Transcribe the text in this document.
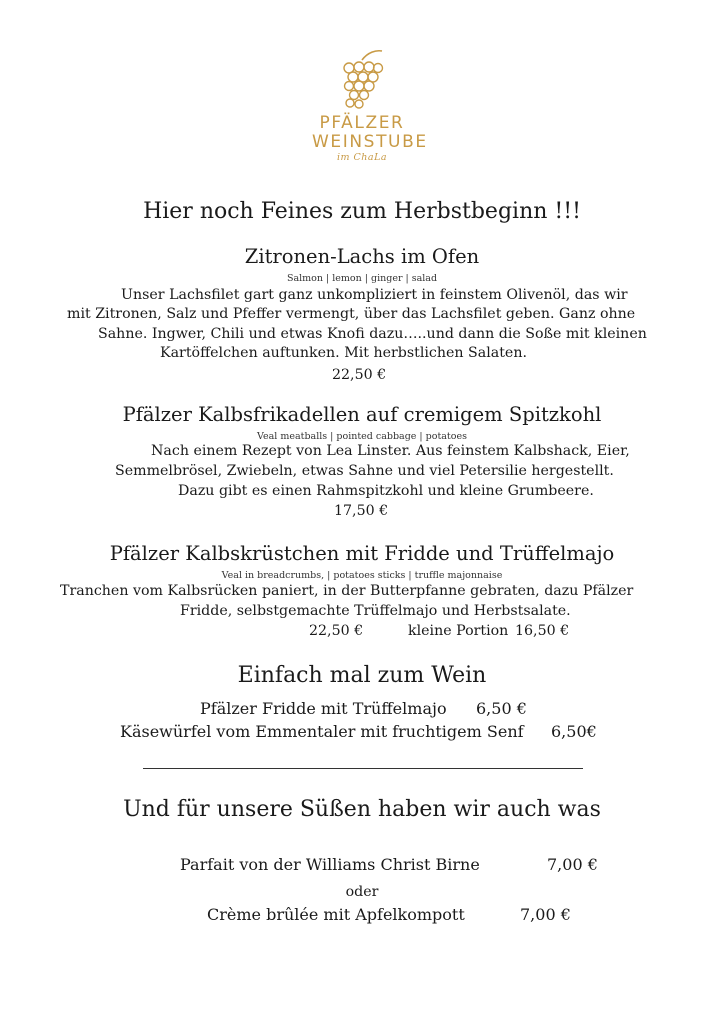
PFÄLZER
WEINSTUBE
im ChaLa
Hier noch Feines zum Herbstbeginn !!!
Zitronen-Lachs im Ofen
Salmon | lemon | ginger | salad
Unser Lachsfilet gart ganz unkompliziert in feinstem Olivenöl, das wir
mit Zitronen, Salz und Pfeffer vermengt, über das Lachsfilet geben. Ganz ohne
Sahne. Ingwer, Chili und etwas Knofi dazu…..und dann die Soße mit kleinen
Kartöffelchen auftunken. Mit herbstlichen Salaten.
22,50 €
Pfälzer Kalbsfrikadellen auf cremigem Spitzkohl
Veal meatballs | pointed cabbage | potatoes
Nach einem Rezept von Lea Linster. Aus feinstem Kalbshack, Eier,
Semmelbrösel, Zwiebeln, etwas Sahne und viel Petersilie hergestellt.
Dazu gibt es einen Rahmspitzkohl und kleine Grumbeere.
17,50 €
Pfälzer Kalbskrüstchen mit Fridde und Trüffelmajo
Veal in breadcrumbs, | potatoes sticks | truffle majonnaise
Tranchen vom Kalbsrücken paniert, in der Butterpfanne gebraten, dazu Pfälzer
Fridde, selbstgemachte Trüffelmajo und Herbstsalate.
22,50 €	kleine Portion 16,50 €
Einfach mal zum Wein
Pfälzer Fridde mit Trüffelmajo 6,50 €
Käsewürfel vom Emmentaler mit fruchtigem Senf 6,50€
Und für unsere Süßen haben wir auch was
Parfait von der Williams Christ Birne	7,00 €
oder
Crème brûlée mit Apfelkompott	7,00 €
